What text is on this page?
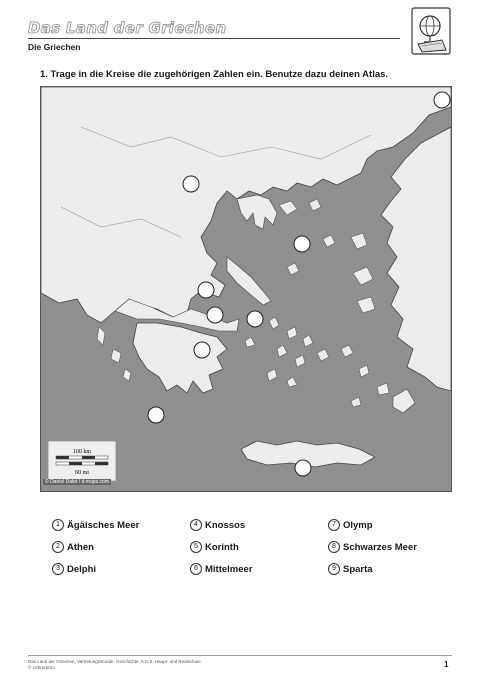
Das Land der Griechen
Die Griechen
1. Trage in die Kreise die zugehörigen Zahlen ein. Benutze dazu deinen Atlas.
100 km
60 mi
© Daniel Dalet / d-maps.com
1 Ägäisches Meer
2 Athen
3 Delphi
4 Knossos
5 Korinth
6 Mittelmeer
7 Olymp
8 Schwarzes Meer
9 Sparta
Das Land der Griechen, Vertretungsstunde, Geschichte, 5 to 6, Haupt- und Realschule
© Lehrerbüro	1
